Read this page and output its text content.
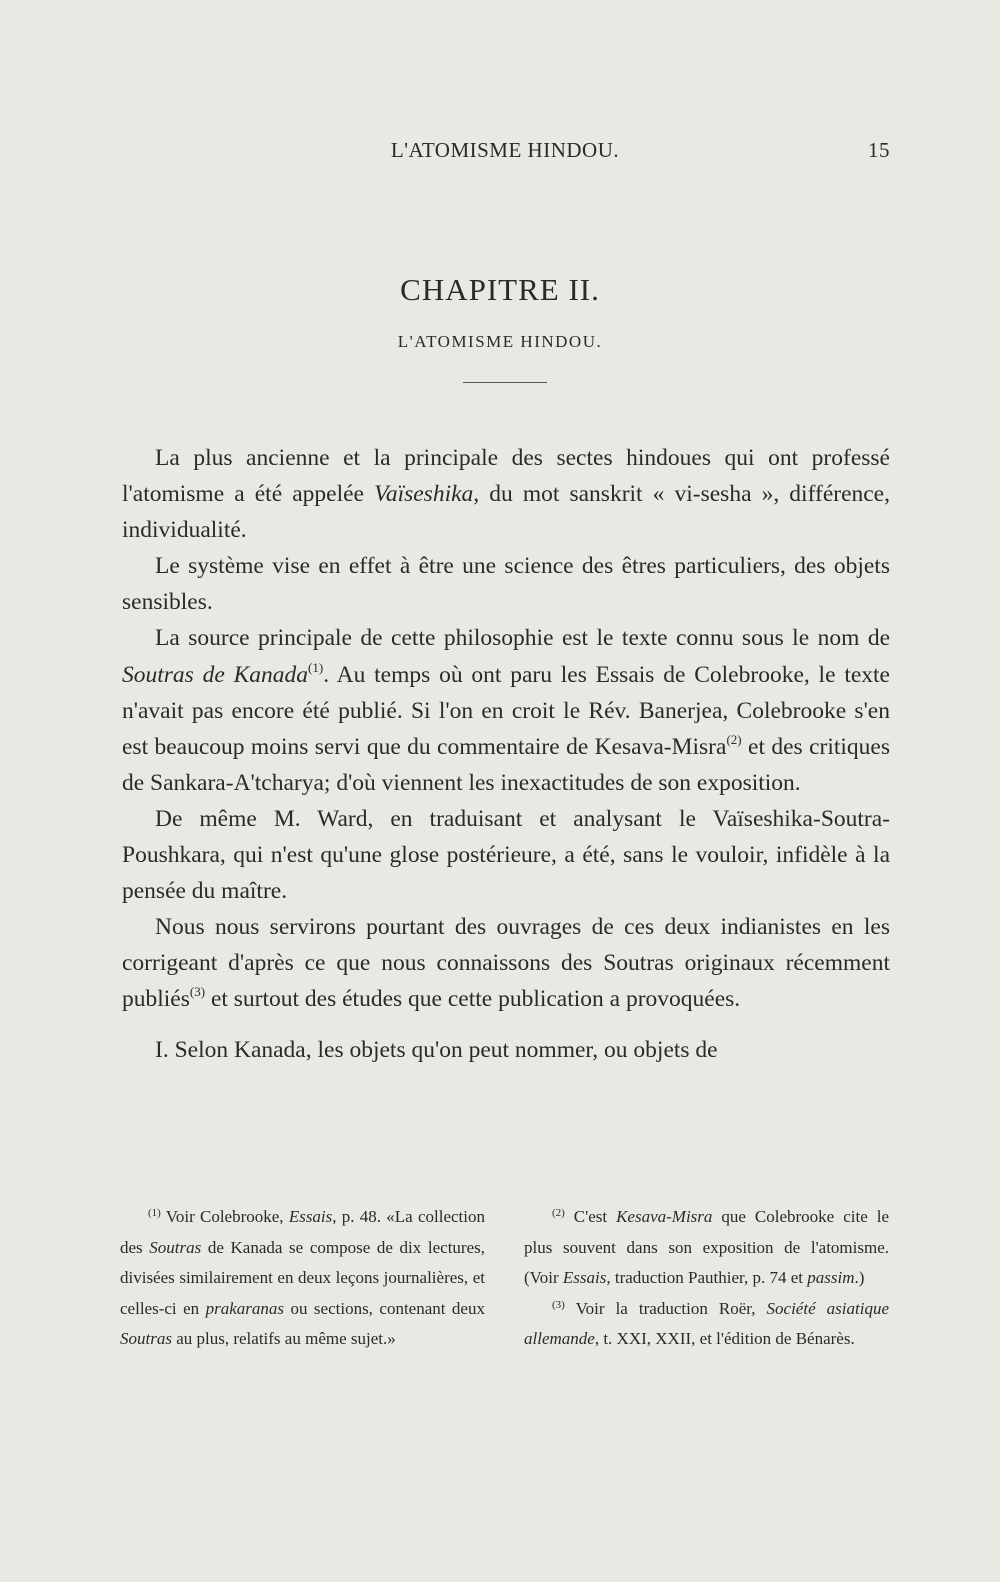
L'ATOMISME HINDOU.	15
CHAPITRE II.
L'ATOMISME HINDOU.

La plus ancienne et la principale des sectes hindoues qui ont professé l'atomisme a été appelée Vaïseshika, du mot sanskrit « vi-sesha », différence, individualité.

Le système vise en effet à être une science des êtres particuliers, des objets sensibles.

La source principale de cette philosophie est le texte connu sous le nom de Soutras de Kanada$^{(1)}$. Au temps où ont paru les Essais de Colebrooke, le texte n'avait pas encore été publié. Si l'on en croit le Rév. Banerjea, Colebrooke s'en est beaucoup moins servi que du commentaire de Kesava-Misra$^{(2)}$ et des critiques de Sankara-A'tcharya; d'où viennent les inexactitudes de son exposition.

De même M. Ward, en traduisant et analysant le Vaïseshika-Soutra-Poushkara, qui n'est qu'une glose postérieure, a été, sans le vouloir, infidèle à la pensée du maître.

Nous nous servirons pourtant des ouvrages de ces deux indianistes en les corrigeant d'après ce que nous connaissons des Soutras originaux récemment publiés$^{(3)}$ et surtout des études que cette publication a provoquées.

I. Selon Kanada, les objets qu'on peut nommer, ou objets de

$^{(1)}$ Voir Colebrooke, Essais, p. 48. «La collection des Soutras de Kanada se compose de dix lectures, divisées similairement en deux leçons journalières, et celles-ci en prakaranas ou sections, contenant deux Soutras au plus, relatifs au même sujet.»

$^{(2)}$ C'est Kesava-Misra que Colebrooke cite le plus souvent dans son exposition de l'atomisme. (Voir Essais, traduction Pauthier, p. 74 et passim.)

$^{(3)}$ Voir la traduction Roër, Société asiatique allemande, t. XXI, XXII, et l'édition de Bénarès.
